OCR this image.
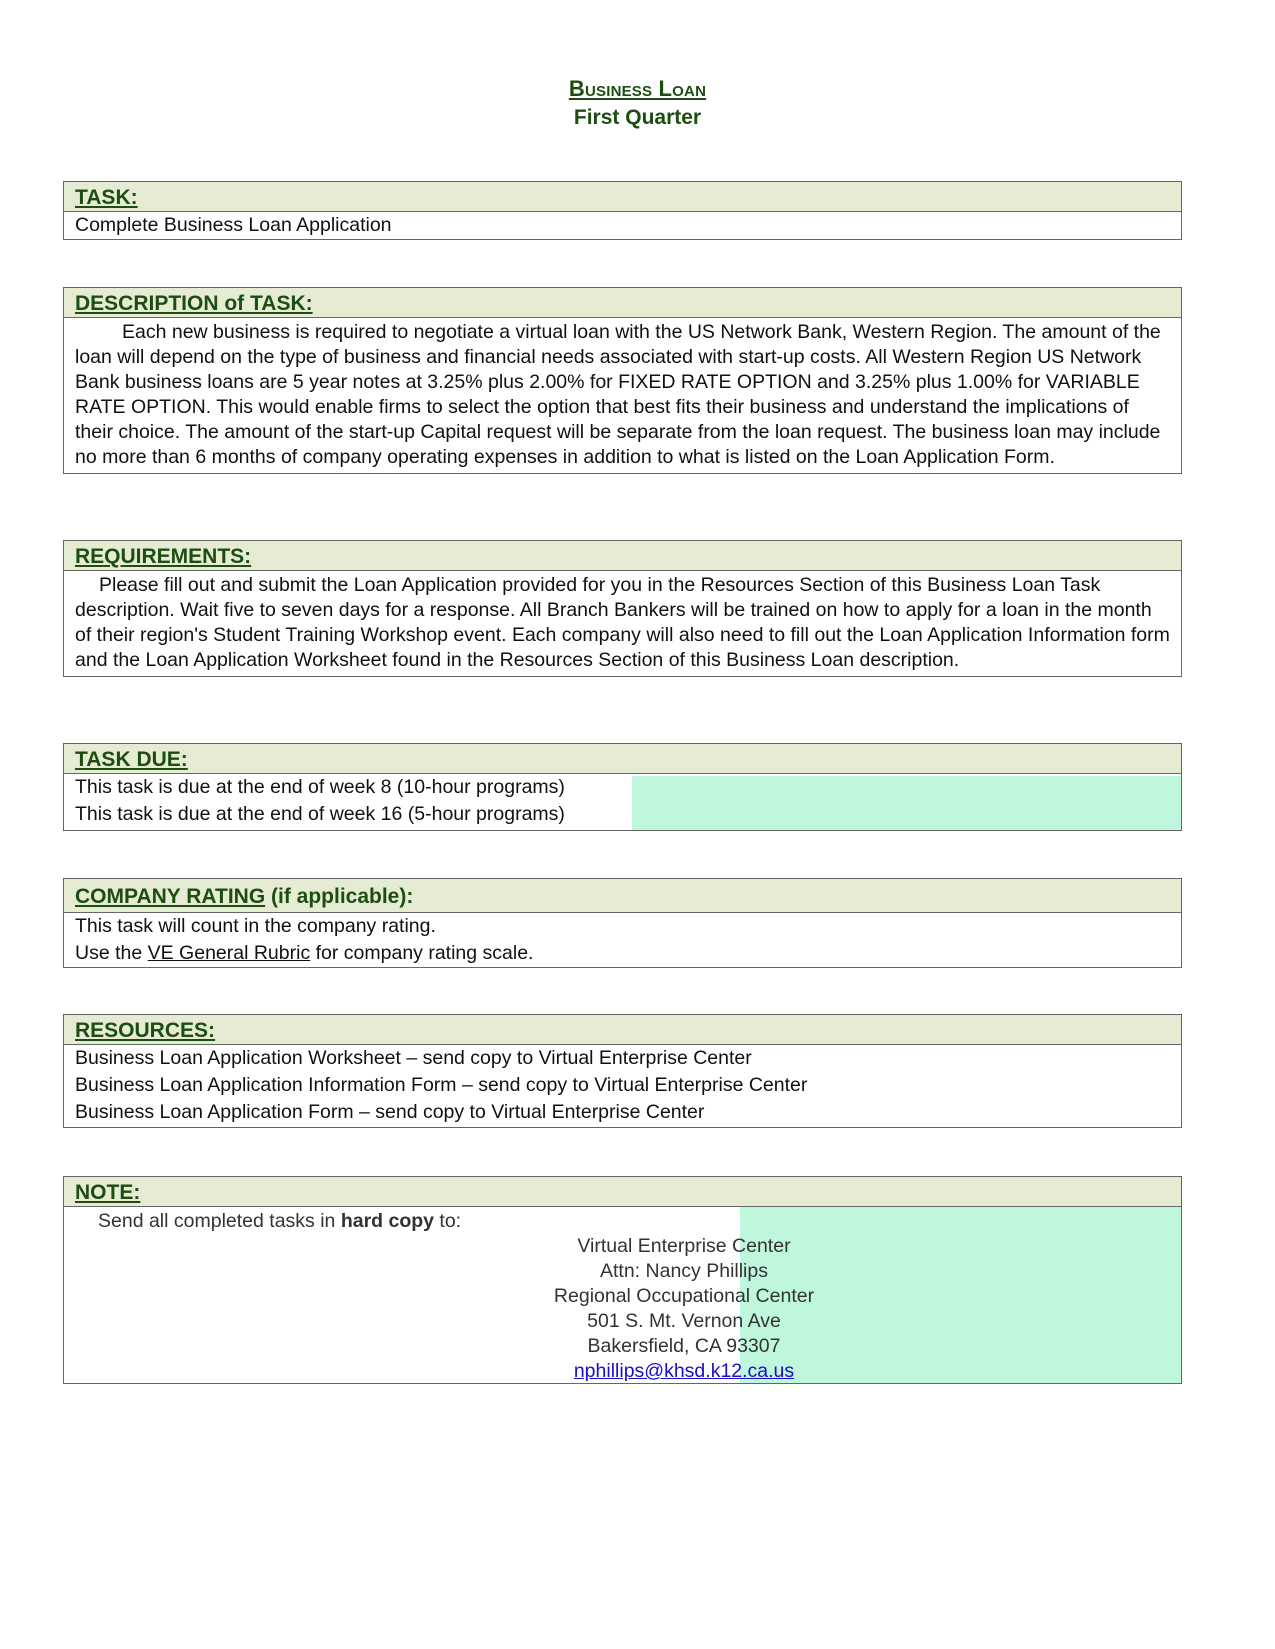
Business Loan
First Quarter
TASK:
Complete Business Loan Application
DESCRIPTION of TASK:
Each new business is required to negotiate a virtual loan with the US Network Bank, Western Region. The amount of the loan will depend on the type of business and financial needs associated with start-up costs. All Western Region US Network Bank business loans are 5 year notes at 3.25% plus 2.00% for FIXED RATE OPTION and 3.25% plus 1.00% for VARIABLE RATE OPTION. This would enable firms to select the option that best fits their business and understand the implications of their choice. The amount of the start-up Capital request will be separate from the loan request. The business loan may include no more than 6 months of company operating expenses in addition to what is listed on the Loan Application Form.
REQUIREMENTS:
Please fill out and submit the Loan Application provided for you in the Resources Section of this Business Loan Task description. Wait five to seven days for a response. All Branch Bankers will be trained on how to apply for a loan in the month of their region's Student Training Workshop event. Each company will also need to fill out the Loan Application Information form and the Loan Application Worksheet found in the Resources Section of this Business Loan description.
TASK DUE:
This task is due at the end of week 8 (10-hour programs)
This task is due at the end of week 16 (5-hour programs)
COMPANY RATING (if applicable):
This task will count in the company rating.
Use the VE General Rubric for company rating scale.
RESOURCES:
Business Loan Application Worksheet – send copy to Virtual Enterprise Center
Business Loan Application Information Form – send copy to Virtual Enterprise Center
Business Loan Application Form – send copy to Virtual Enterprise Center
NOTE:
Send all completed tasks in hard copy to:
Virtual Enterprise Center
Attn: Nancy Phillips
Regional Occupational Center
501 S. Mt. Vernon Ave
Bakersfield, CA 93307
nphillips@khsd.k12.ca.us
